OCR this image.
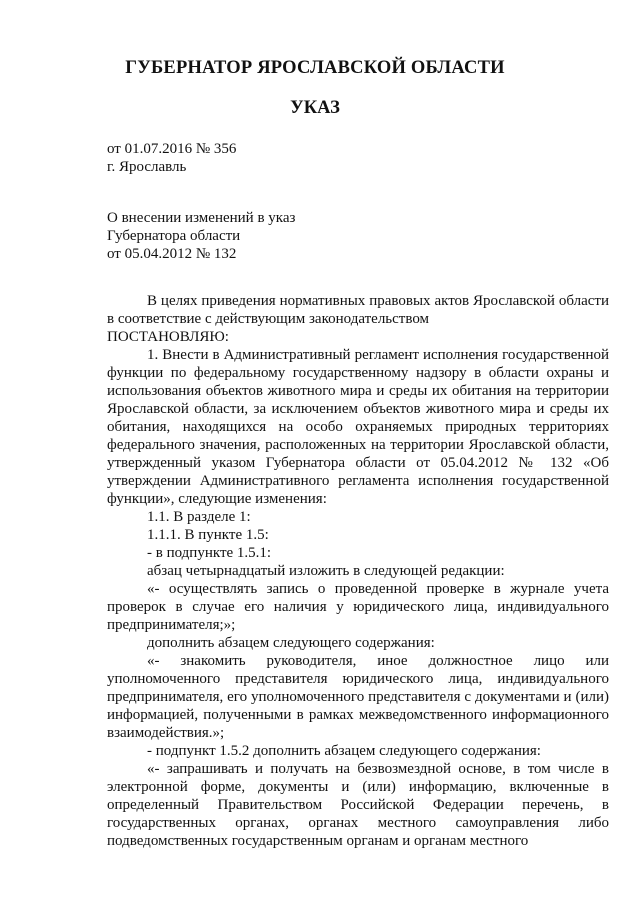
ГУБЕРНАТОР ЯРОСЛАВСКОЙ ОБЛАСТИ
УКАЗ
от 01.07.2016 № 356
г. Ярославль
О внесении изменений в указ
Губернатора области
от 05.04.2012 № 132

В целях приведения нормативных правовых актов Ярославской области в соответствие с действующим законодательством

ПОСТАНОВЛЯЮ:

1. Внести в Административный регламент исполнения государственной функции по федеральному государственному надзору в области охраны и использования объектов животного мира и среды их обитания на территории Ярославской области, за исключением объектов животного мира и среды их обитания, находящихся на особо охраняемых природных территориях федерального значения, расположенных на территории Ярославской области, утвержденный указом Губернатора области от 05.04.2012 № 132 «Об утверждении Административного регламента исполнения государственной функции», следующие изменения:

1.1. В разделе 1:

1.1.1. В пункте 1.5:

- в подпункте 1.5.1:

абзац четырнадцатый изложить в следующей редакции:

«- осуществлять запись о проведенной проверке в журнале учета проверок в случае его наличия у юридического лица, индивидуального предпринимателя;»;

дополнить абзацем следующего содержания:

«- знакомить руководителя, иное должностное лицо или уполномоченного представителя юридического лица, индивидуального предпринимателя, его уполномоченного представителя с документами и (или) информацией, полученными в рамках межведомственного информационного взаимодействия.»;

- подпункт 1.5.2 дополнить абзацем следующего содержания:

«- запрашивать и получать на безвозмездной основе, в том числе в электронной форме, документы и (или) информацию, включенные в определенный Правительством Российской Федерации перечень, в государственных органах, органах местного самоуправления либо подведомственных государственным органам и органам местного
